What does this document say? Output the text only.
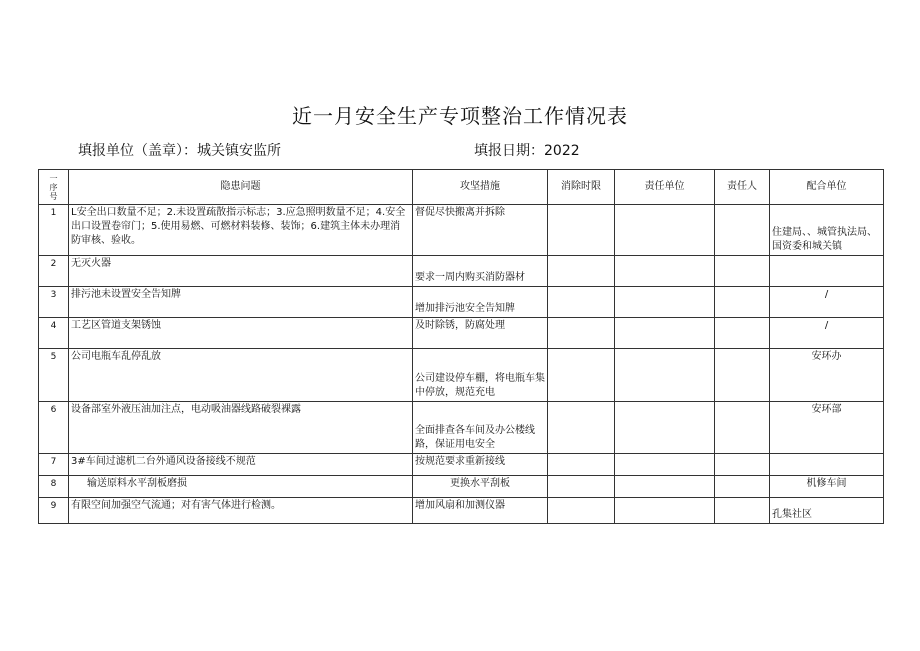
近一月安全生产专项整治工作情况表
填报单位（盖章）：城关镇安监所	填报日期：2022
一
序
号	隐患问题	攻坚措施	消除时限	责任单位	责任人	配合单位
1	L安全出口数量不足；2.未设置疏散指示标志；3.应急照明数量不足；4.安全出口设置卷帘门；5.使用易燃、可燃材料装修、装饰；6.建筑主体未办理消防审核、验收。	督促尽快搬离并拆除				住建局、、城管执法局、国资委和城关镇
2	无灭火器	要求一周内购买消防器材				
3	排污池未设置安全告知牌	增加排污池安全告知牌				/
4	工艺区管道支架锈蚀	及时除锈，防腐处理				/
5	公司电瓶车乱停乱放	公司建设停车棚，将电瓶车集中停放，规范充电				安环办
6	设备部室外液压油加注点，电动吸油器线路破裂裸露	全面排查各车间及办公楼线路，保证用电安全				安环部
7	3#车间过滤机二台外通风设备接线不规范	按规范要求重新接线				
8	输送原料水平刮板磨损	更换水平刮板				机修车间
9	有限空间加强空气流通；对有害气体进行检测。	增加风扇和加测仪器				孔集社区
